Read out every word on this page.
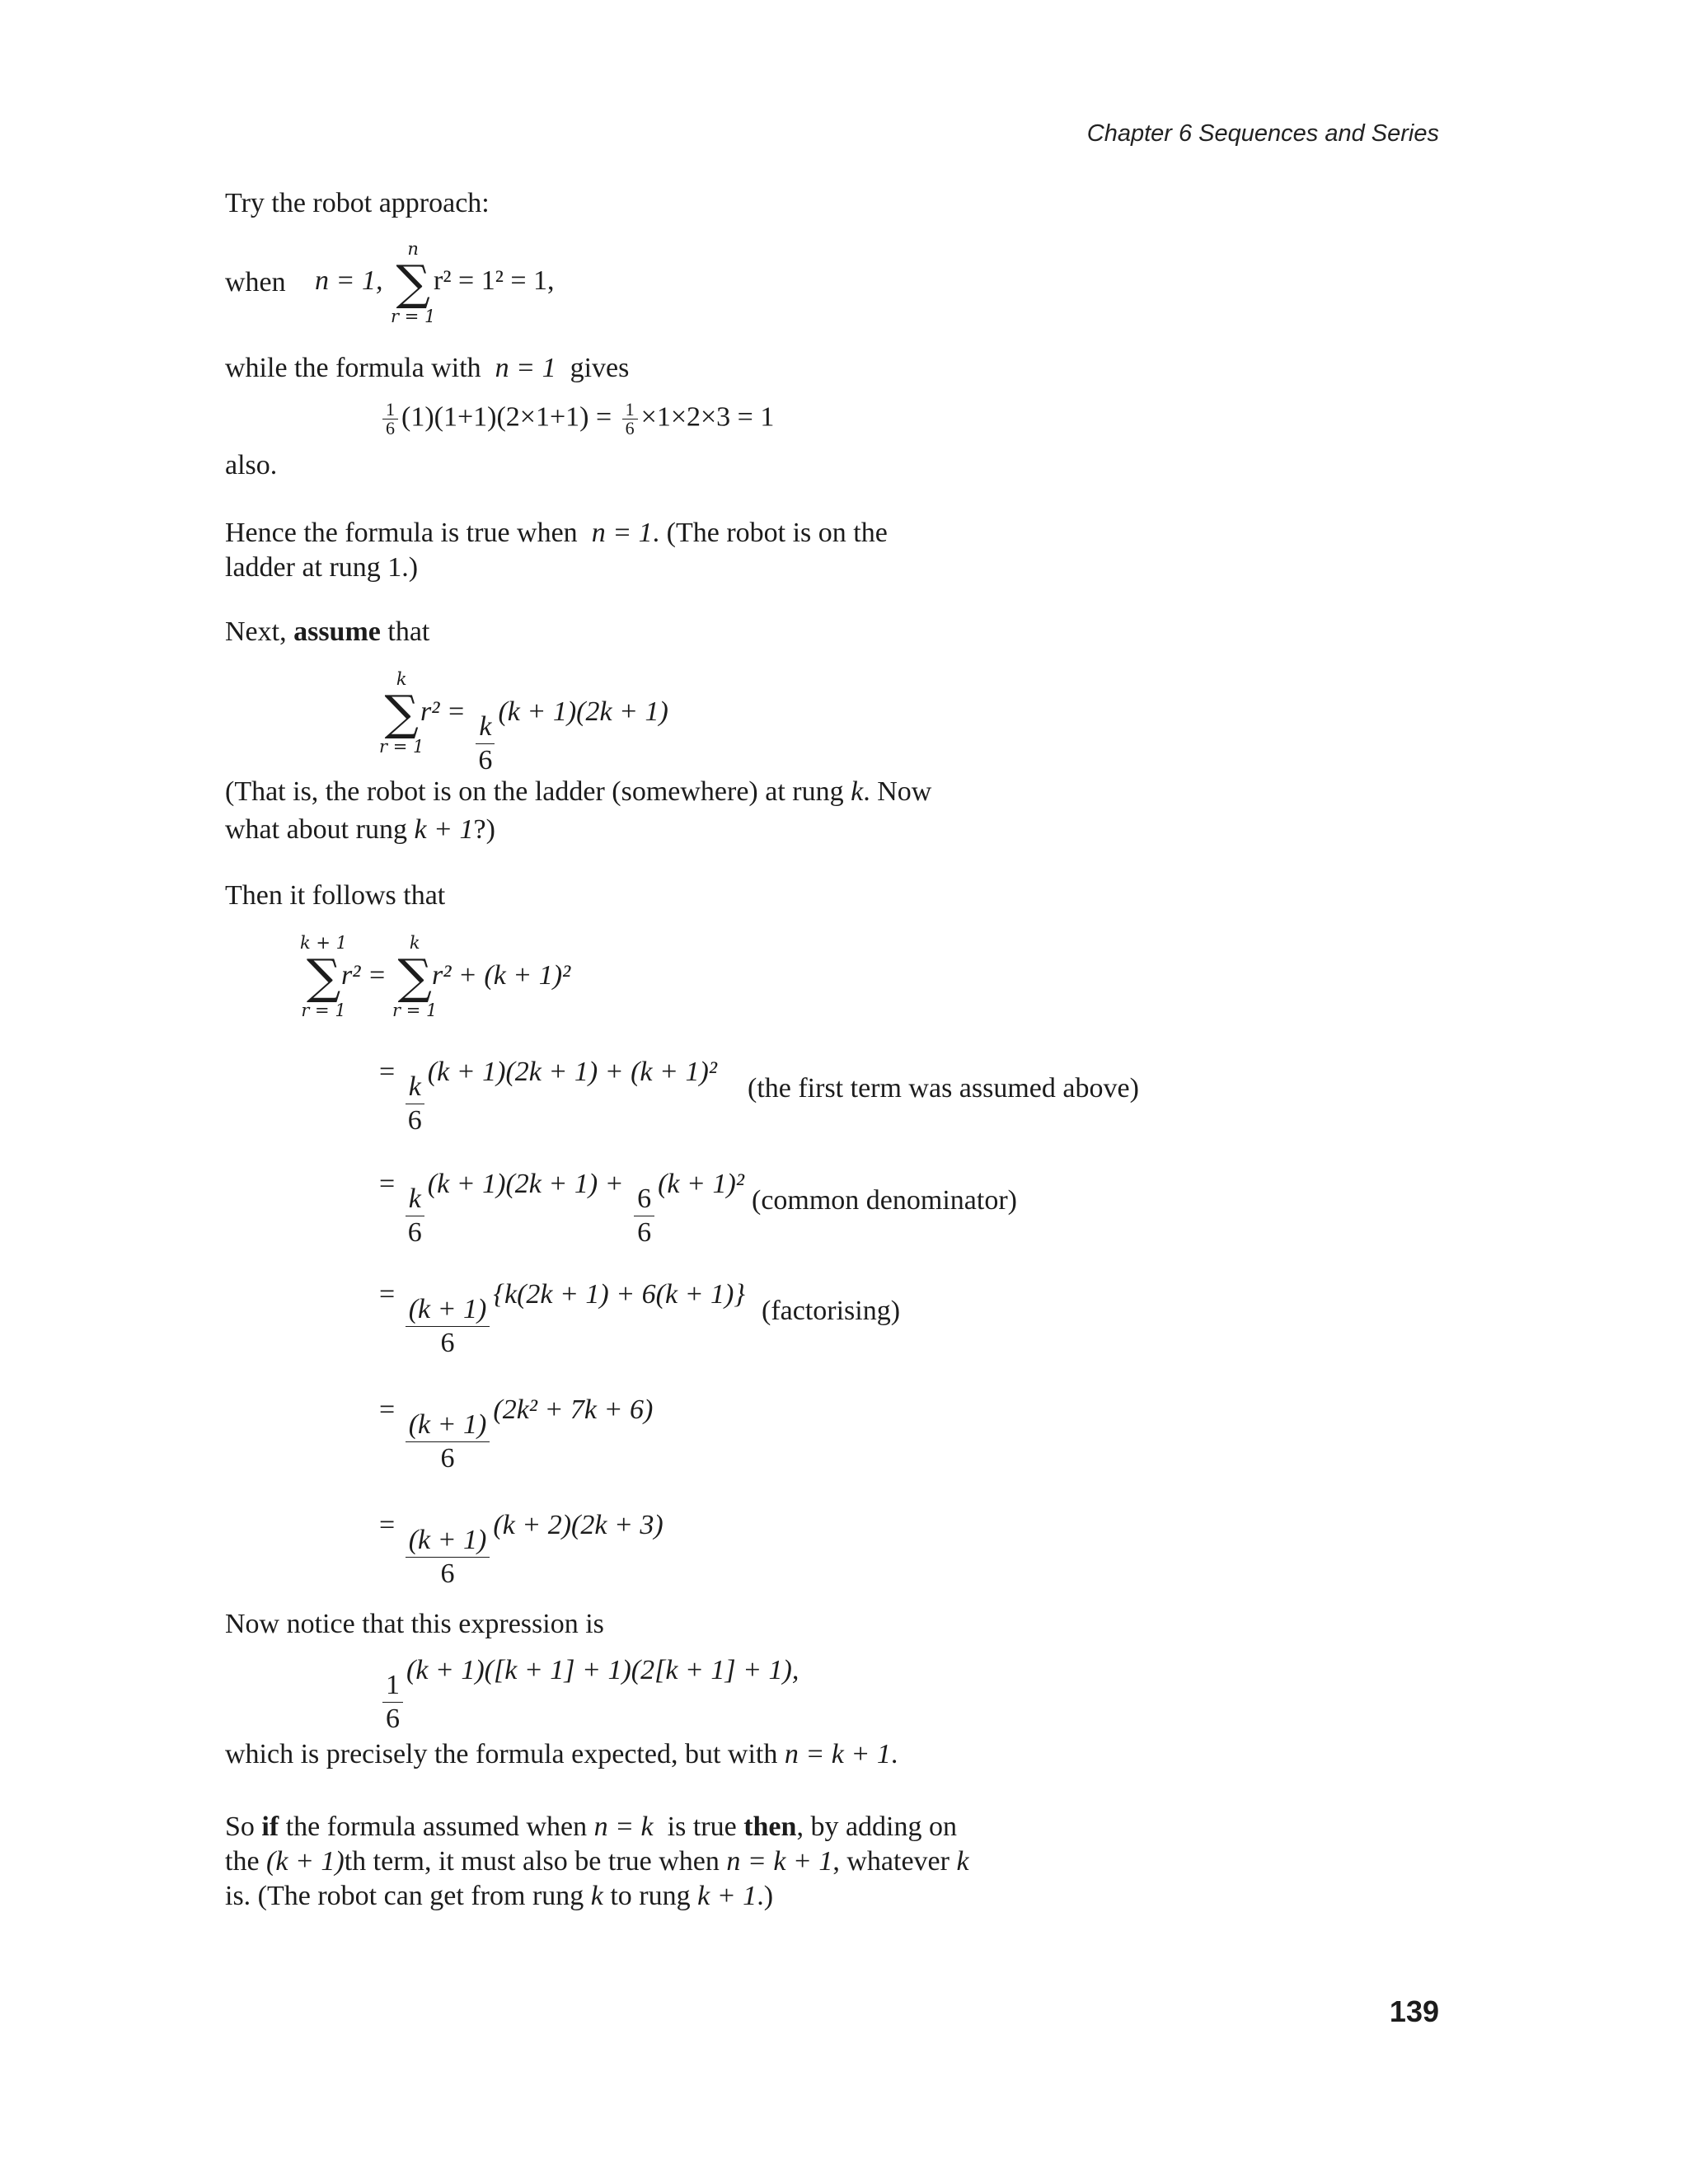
Chapter 6 Sequences and Series
Try the robot approach:
when n = 1,
n
∑
r = 1
r² = 1² = 1,
while the formula with n = 1 gives
$\frac{1}{6} (1)(1+1)(2\times 1+1) = \frac{1}{6} \times 1\times 2\times 3 = 1$
also.
Hence the formula is true when n = 1. (The robot is on the
ladder at rung 1.)
Next, assume that
k
∑
r = 1
$r^2 = \frac{k}{6} (k + 1)(2k + 1)$
(That is, the robot is on the ladder (somewhere) at rung k. Now
what about rung k + 1?)
Then it follows that
k + 1
∑
r = 1
r² =
k
∑
r = 1
r² + (k + 1)²
= $\frac{k}{6} (k + 1)(2k + 1) + (k + 1)^2$
(the first term was assumed above)
= $\frac{k}{6} (k + 1)(2k + 1) + \frac{6}{6} (k + 1)^2$
(common denominator)
= $\frac{(k + 1)}{6} \{k(2k + 1) + 6(k + 1)\}$
(factorising)
= $\frac{(k + 1)}{6} (2k^2 + 7k + 6)$
= $\frac{(k + 1)}{6} (k + 2)(2k + 3)$
Now notice that this expression is
$\frac{1}{6} (k + 1)([k + 1] + 1)(2[k + 1] + 1)$,
which is precisely the formula expected, but with n = k + 1.
So if the formula assumed when n = k is true then, by adding on
the (k + 1)th term, it must also be true when n = k + 1, whatever k
is. (The robot can get from rung k to rung k + 1.)
139
